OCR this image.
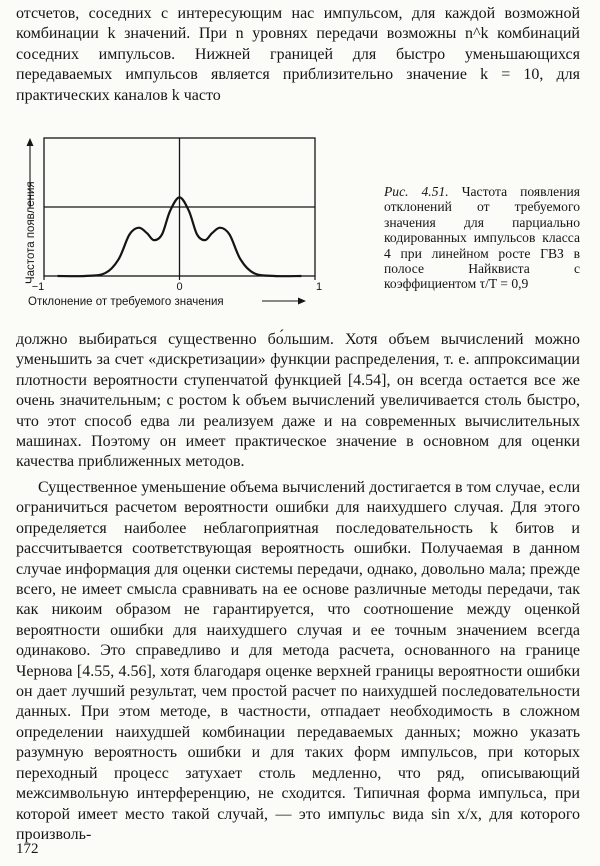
отсчетов, соседних с интересующим нас импульсом, для каждой возможной комбинации k значений. При n уровнях передачи возможны n^k комбинаций соседних импульсов. Нижней границей для быстро уменьшающихся передаваемых импульсов является приблизительно значение k = 10, для практических каналов k часто

−1	0	1
Отклонение от требуемого значения
Частота появления	Рис. 4.51. Частота появления отклонений от требуемого значения для парциально кодированных импульсов класса 4 при линейном росте ГВЗ в полосе Найквиста с коэффициентом τ/T = 0,9

должно выбираться существенно бо́льшим. Хотя объем вычислений можно уменьшить за счет «дискретизации» функции распределения, т. е. аппроксимации плотности вероятности ступенчатой функцией [4.54], он всегда остается все же очень значительным; с ростом k объем вычислений увеличивается столь быстро, что этот способ едва ли реализуем даже и на современных вычислительных машинах. Поэтому он имеет практическое значение в основном для оценки качества приближенных методов.

Существенное уменьшение объема вычислений достигается в том случае, если ограничиться расчетом вероятности ошибки для наихудшего случая. Для этого определяется наиболее неблагоприятная последовательность k битов и рассчитывается соответствующая вероятность ошибки. Получаемая в данном случае информация для оценки системы передачи, однако, довольно мала; прежде всего, не имеет смысла сравнивать на ее основе различные методы передачи, так как никоим образом не гарантируется, что соотношение между оценкой вероятности ошибки для наихудшего случая и ее точным значением всегда одинаково. Это справедливо и для метода расчета, основанного на границе Чернова [4.55, 4.56], хотя благодаря оценке верхней границы вероятности ошибки он дает лучший результат, чем простой расчет по наихудшей последовательности данных. При этом методе, в частности, отпадает необходимость в сложном определении наихудшей комбинации передаваемых данных; можно указать разумную вероятность ошибки и для таких форм импульсов, при которых переходный процесс затухает столь медленно, что ряд, описывающий межсимвольную интерференцию, не сходится. Типичная форма импульса, при которой имеет место такой случай, — это импульс вида sin x/x, для которого произволь-

172
